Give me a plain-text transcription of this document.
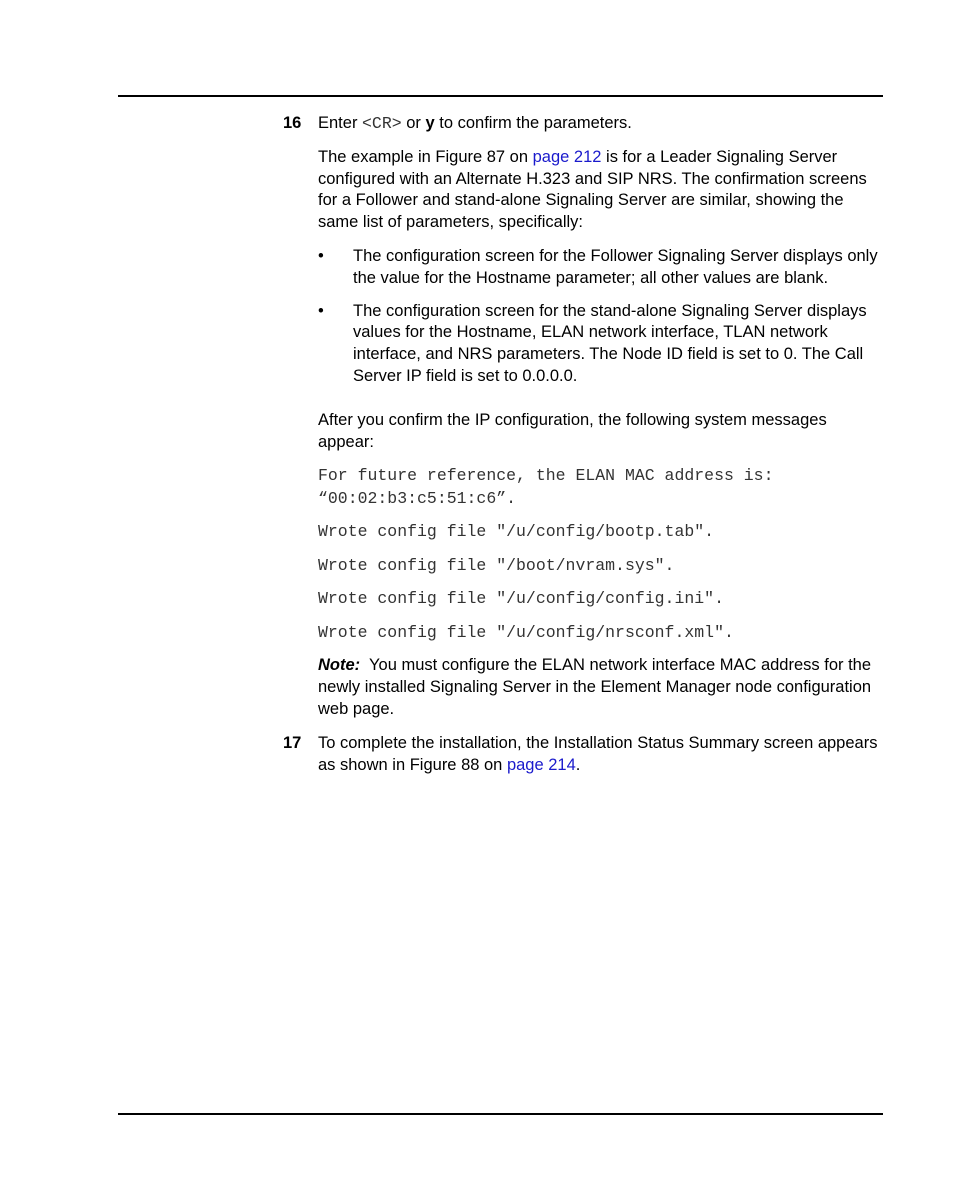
16 Enter <CR> or y to confirm the parameters.

The example in Figure 87 on page 212 is for a Leader Signaling Server configured with an Alternate H.323 and SIP NRS. The confirmation screens for a Follower and stand-alone Signaling Server are similar, showing the same list of parameters, specifically:

• The configuration screen for the Follower Signaling Server displays only the value for the Hostname parameter; all other values are blank.
• The configuration screen for the stand-alone Signaling Server displays values for the Hostname, ELAN network interface, TLAN network interface, and NRS parameters. The Node ID field is set to 0. The Call Server IP field is set to 0.0.0.0.

After you confirm the IP configuration, the following system messages appear:

For future reference, the ELAN MAC address is:
“00:02:b3:c5:51:c6”.
Wrote config file "/u/config/bootp.tab".
Wrote config file "/boot/nvram.sys".
Wrote config file "/u/config/config.ini".
Wrote config file "/u/config/nrsconf.xml".

Note:  You must configure the ELAN network interface MAC address for the newly installed Signaling Server in the Element Manager node configuration web page.

17 To complete the installation, the Installation Status Summary screen appears as shown in Figure 88 on page 214.
